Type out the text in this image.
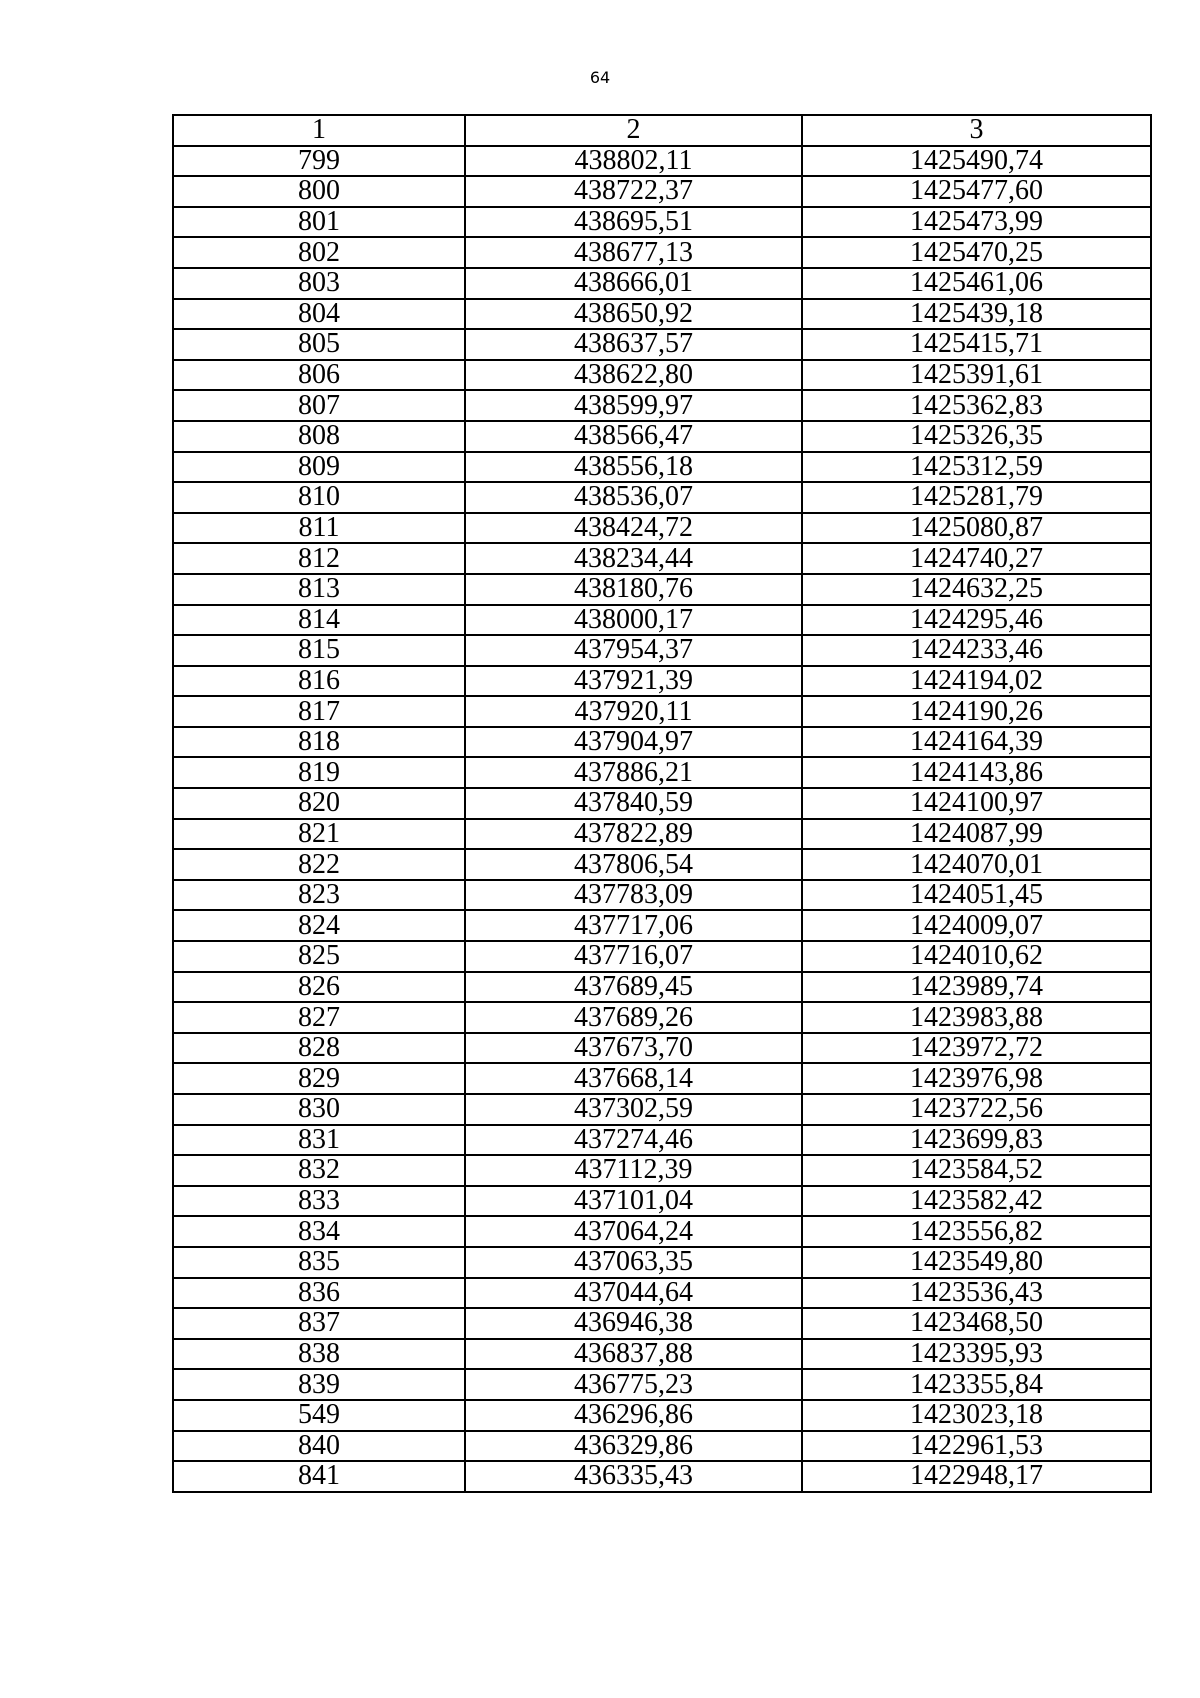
64
1	2	3
799	438802,11	1425490,74
800	438722,37	1425477,60
801	438695,51	1425473,99
802	438677,13	1425470,25
803	438666,01	1425461,06
804	438650,92	1425439,18
805	438637,57	1425415,71
806	438622,80	1425391,61
807	438599,97	1425362,83
808	438566,47	1425326,35
809	438556,18	1425312,59
810	438536,07	1425281,79
811	438424,72	1425080,87
812	438234,44	1424740,27
813	438180,76	1424632,25
814	438000,17	1424295,46
815	437954,37	1424233,46
816	437921,39	1424194,02
817	437920,11	1424190,26
818	437904,97	1424164,39
819	437886,21	1424143,86
820	437840,59	1424100,97
821	437822,89	1424087,99
822	437806,54	1424070,01
823	437783,09	1424051,45
824	437717,06	1424009,07
825	437716,07	1424010,62
826	437689,45	1423989,74
827	437689,26	1423983,88
828	437673,70	1423972,72
829	437668,14	1423976,98
830	437302,59	1423722,56
831	437274,46	1423699,83
832	437112,39	1423584,52
833	437101,04	1423582,42
834	437064,24	1423556,82
835	437063,35	1423549,80
836	437044,64	1423536,43
837	436946,38	1423468,50
838	436837,88	1423395,93
839	436775,23	1423355,84
549	436296,86	1423023,18
840	436329,86	1422961,53
841	436335,43	1422948,17
